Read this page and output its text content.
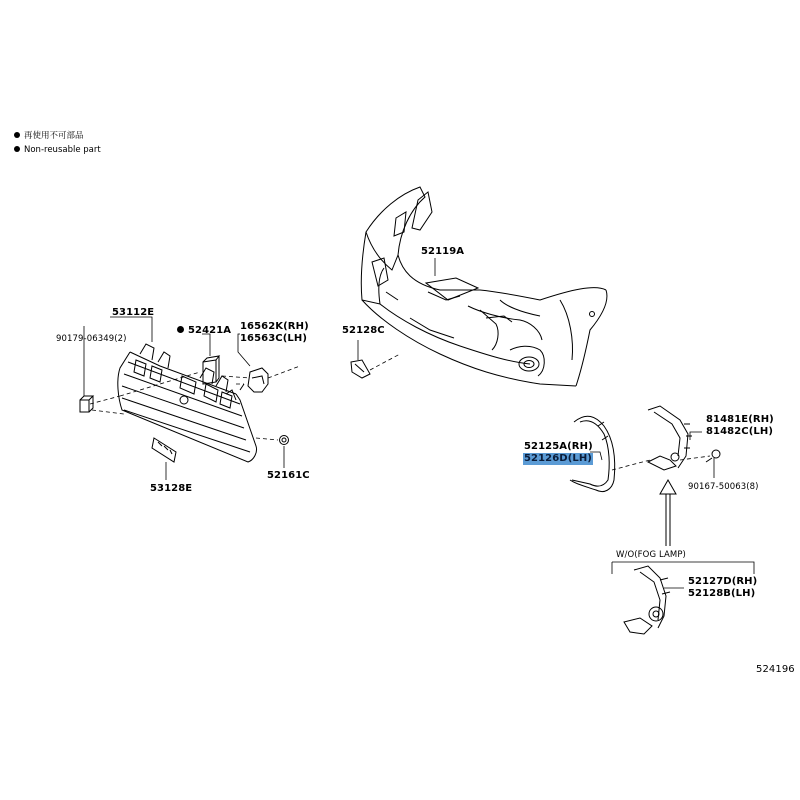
再使用不可部品
Non-reusable part
53112E
90179-06349(2)
52421A 16562K(RH)
16563C(LH)
53128E
52161C
52119A
52128C
52125A(RH)
52126D(LH)
81481E(RH)
81482C(LH)
90167-50063(8)
W/O(FOG LAMP)
52127D(RH)
52128B(LH)
524196
